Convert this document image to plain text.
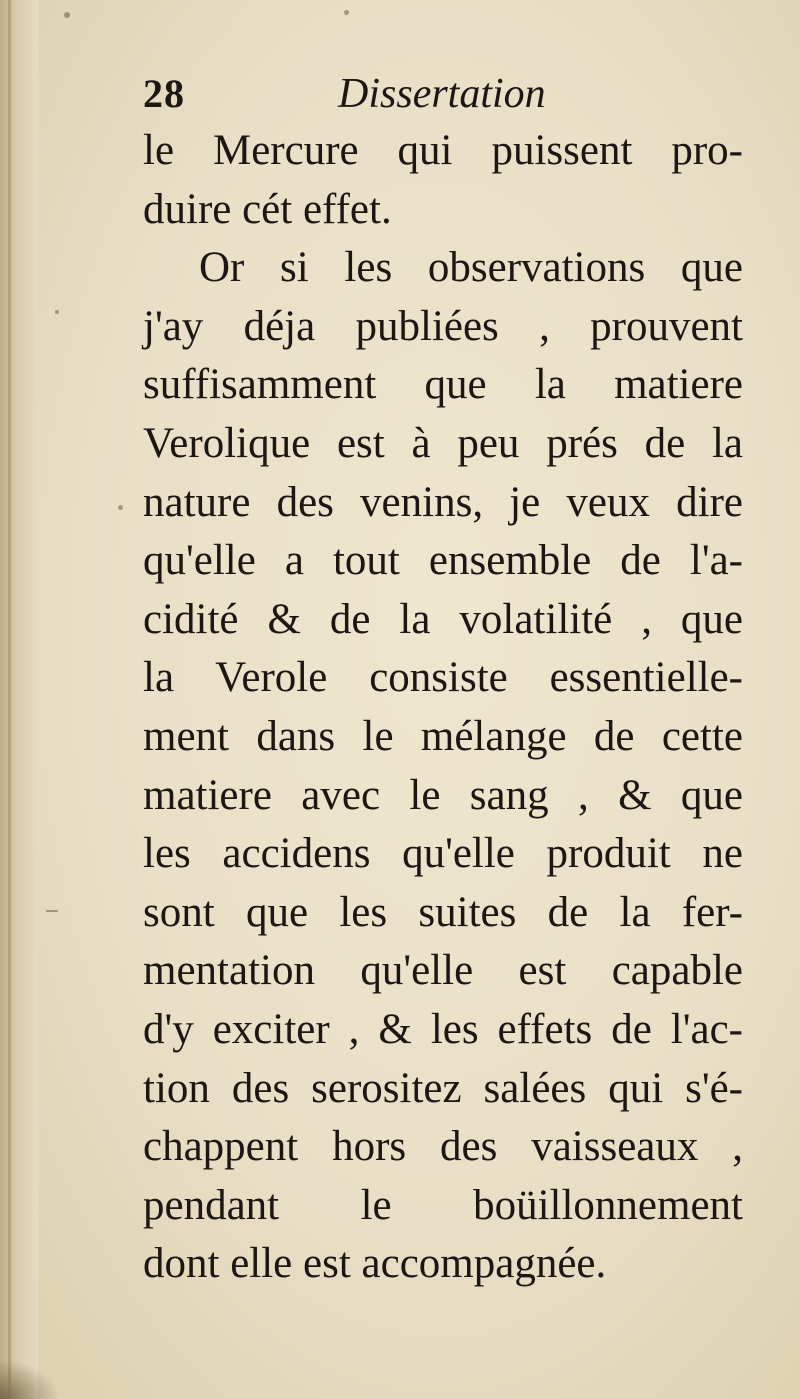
28	Dissertation
le Mercure qui puissent pro-
duire cét effet.
Or si les observations que
j'ay déja publiées , prouvent
suffisamment que la matiere
Verolique est à peu prés de la
nature des venins, je veux dire
qu'elle a tout ensemble de l'a-
cidité & de la volatilité , que
la Verole consiste essentielle-
ment dans le mélange de cette
matiere avec le sang , & que
les accidens qu'elle produit ne
sont que les suites de la fer-
mentation qu'elle est capable
d'y exciter , & les effets de l'ac-
tion des serositez salées qui s'é-
chappent hors des vaisseaux ,
pendant le boüillonnement
dont elle est accompagnée.
